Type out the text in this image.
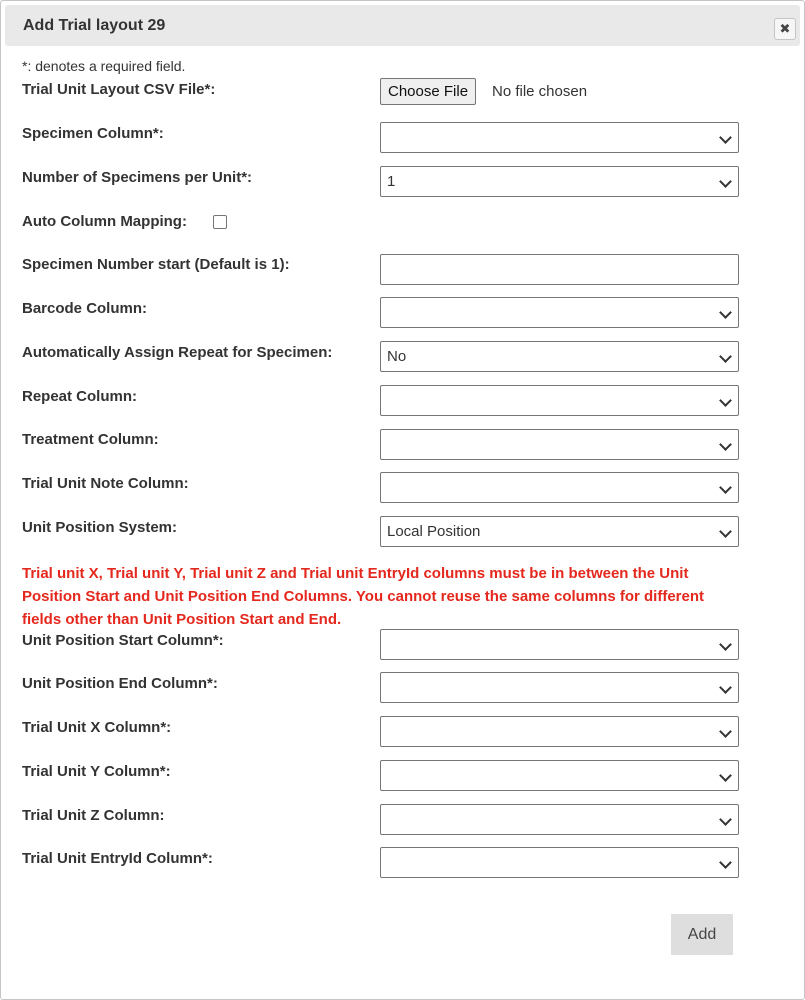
Add Trial layout 29	✖
*: denotes a required field.
Trial Unit Layout CSV File*:	Choose File	No file chosen
Specimen Column*:
Number of Specimens per Unit*:	1
Auto Column Mapping:
Specimen Number start (Default is 1):
Barcode Column:
Automatically Assign Repeat for Specimen:	No
Repeat Column:
Treatment Column:
Trial Unit Note Column:
Unit Position System:	Local Position
Trial unit X, Trial unit Y, Trial unit Z and Trial unit EntryId columns must be in between the Unit Position Start and Unit Position End Columns. You cannot reuse the same columns for different fields other than Unit Position Start and End.
Unit Position Start Column*:
Unit Position End Column*:
Trial Unit X Column*:
Trial Unit Y Column*:
Trial Unit Z Column:
Trial Unit EntryId Column*:
Add
